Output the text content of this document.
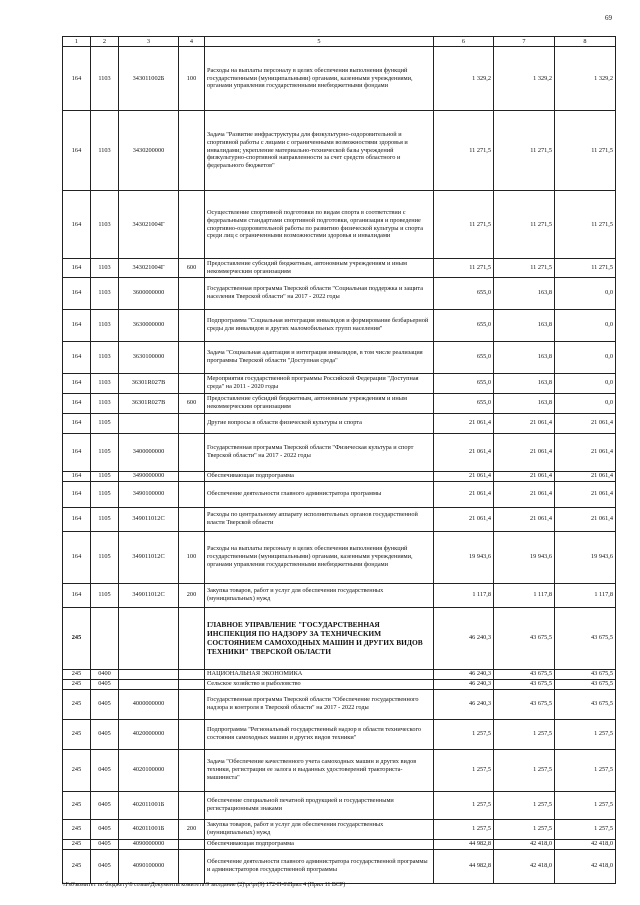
69
1	2	3	4	5	6	7	8
164	1103	343011002Б	100	Расходы на выплаты персоналу в целях обеспечения выполнения функций государственными (муниципальными) органами, казенными учреждениями, органами управления государственными внебюджетными фондами	1 329,2	1 329,2	1 329,2
164	1103	3430200000		Задача "Развитие инфраструктуры для физкультурно-оздоровительной и спортивной работы с лицами с ограниченными возможностями здоровья и инвалидами; укрепление материально-технической базы учреждений физкультурно-спортивной направленности за счет средств областного и федерального бюджетов"	11 271,5	11 271,5	11 271,5
164	1103	343021004Г		Осуществление спортивной подготовки по видам спорта в соответствии с федеральными стандартами спортивной подготовки, организация и проведение спортивно-оздоровительной работы по развитию физической культуры и спорта среди лиц с ограниченными возможностями здоровья и инвалидами	11 271,5	11 271,5	11 271,5
164	1103	343021004Г	600	Предоставление субсидий бюджетным, автономным учреждениям и иным некоммерческим организациям	11 271,5	11 271,5	11 271,5
164	1103	3600000000		Государственная программа Тверской области "Социальная поддержка и защита населения Тверской области" на 2017 - 2022 годы	655,0	163,8	0,0
164	1103	3630000000		Подпрограмма "Социальная интеграция инвалидов и формирование безбарьерной среды для инвалидов и других маломобильных групп населения"	655,0	163,8	0,0
164	1103	3630100000		Задача "Социальная адаптация и интеграция инвалидов, в том числе реализация программы Тверской области "Доступная среда"	655,0	163,8	0,0
164	1103	36301R027B		Мероприятия государственной программы Российской Федерации "Доступная среда" на 2011 - 2020 годы	655,0	163,8	0,0
164	1103	36301R027B	600	Предоставление субсидий бюджетным, автономным учреждениям и иным некоммерческим организациям	655,0	163,8	0,0
164	1105			Другие вопросы в области физической культуры и спорта	21 061,4	21 061,4	21 061,4
164	1105	3400000000		Государственная программа Тверской области "Физическая культура и спорт Тверской области" на 2017 - 2022 годы	21 061,4	21 061,4	21 061,4
164	1105	3490000000		Обеспечивающая подпрограмма	21 061,4	21 061,4	21 061,4
164	1105	3490100000		Обеспечение деятельности главного администратора программы	21 061,4	21 061,4	21 061,4
164	1105	349011012С		Расходы по центральному аппарату исполнительных органов государственной власти Тверской области	21 061,4	21 061,4	21 061,4
164	1105	349011012С	100	Расходы на выплаты персоналу в целях обеспечения выполнения функций государственными (муниципальными) органами, казенными учреждениями, органами управления государственными внебюджетными фондами	19 943,6	19 943,6	19 943,6
164	1105	349011012С	200	Закупка товаров, работ и услуг для обеспечения государственных (муниципальных) нужд	1 117,8	1 117,8	1 117,8
245				ГЛАВНОЕ УПРАВЛЕНИЕ "ГОСУДАРСТВЕННАЯ ИНСПЕКЦИЯ ПО НАДЗОРУ ЗА ТЕХНИЧЕСКИМ СОСТОЯНИЕМ САМОХОДНЫХ МАШИН И ДРУГИХ ВИДОВ ТЕХНИКИ" ТВЕРСКОЙ ОБЛАСТИ	46 240,3	43 675,5	43 675,5
245	0400			НАЦИОНАЛЬНАЯ ЭКОНОМИКА	46 240,3	43 675,5	43 675,5
245	0405			Сельское хозяйство и рыболовство	46 240,3	43 675,5	43 675,5
245	0405	4000000000		Государственная программа Тверской области "Обеспечение государственного надзора и контроля в Тверской области" на 2017 - 2022 годы	46 240,3	43 675,5	43 675,5
245	0405	4020000000		Подпрограмма "Региональный государственный надзор в области технического состояния самоходных машин и других видов техники"	1 257,5	1 257,5	1 257,5
245	0405	4020100000		Задача "Обеспечение качественного учета самоходных машин и других видов техники, регистрации ее залога и выданных удостоверений тракториста-машиниста"	1 257,5	1 257,5	1 257,5
245	0405	402011001Б		Обеспечение специальной печатной продукцией и государственными регистрационными знаками	1 257,5	1 257,5	1 257,5
245	0405	402011001Б	200	Закупка товаров, работ и услуг для обеспечения государственных (муниципальных) нужд	1 257,5	1 257,5	1 257,5
245	0405	4090000000		Обеспечивающая подпрограмма	44 982,8	42 418,0	42 418,0
245	0405	4090100000		Обеспечение деятельности главного администратора государственной программы и администраторов государственной программы	44 982,8	42 418,0	42 418,0
\\Fs0\комитет по бюджету\6 созыв\Документы комитета\9 заседание (2)\pr\pr(9) 172-П-6\Прил 4 (Прил 11 ВСР)
